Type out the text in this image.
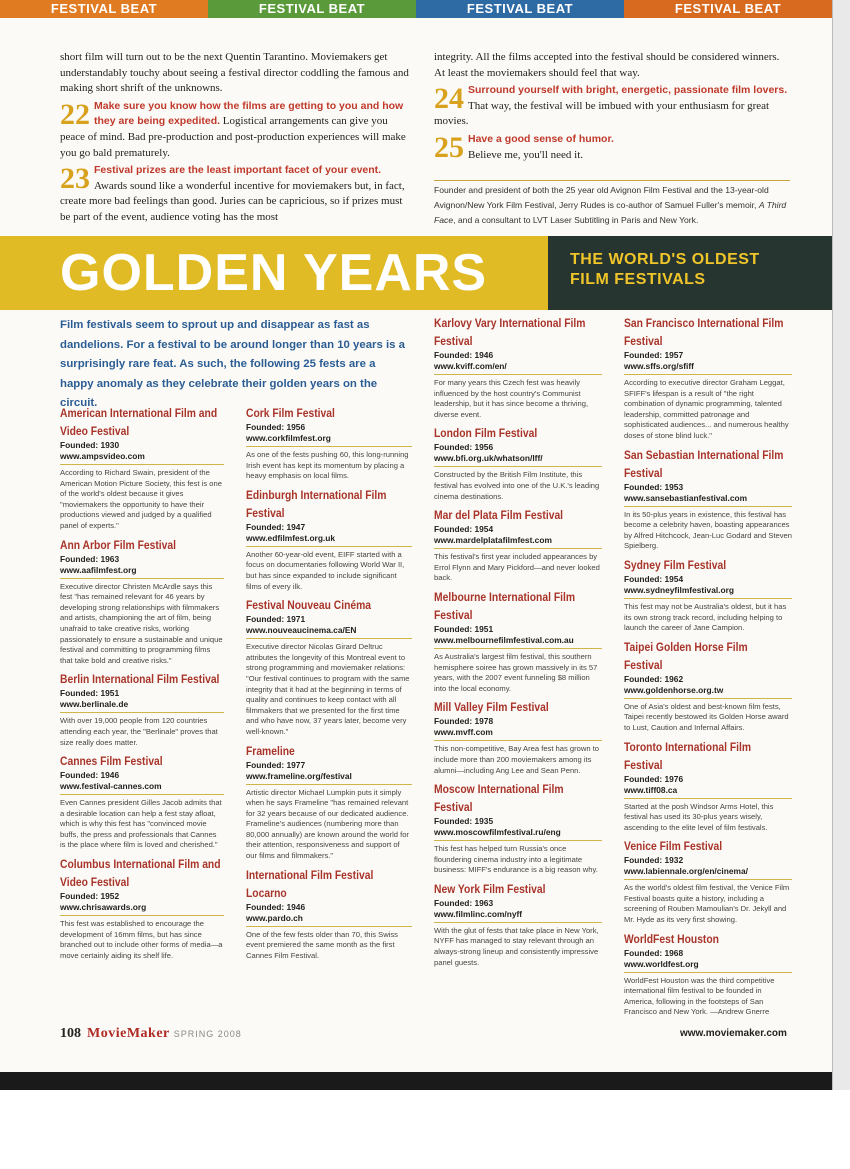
FESTIVAL BEAT	FESTIVAL BEAT	FESTIVAL BEAT	FESTIVAL BEAT

short film will turn out to be the next Quentin Tarantino. Moviemakers get understandably touchy about seeing a festival director coddling the famous and making short shrift of the unknowns.

22 Make sure you know how the films are getting to you and how they are being expedited. Logistical arrangements can give you peace of mind. Bad pre-production and post-production experiences will make you go bald prematurely.
23 Festival prizes are the least important facet of your event. Awards sound like a wonderful incentive for moviemakers but, in fact, create more bad feelings than good. Juries can be capricious, so if prizes must be part of the event, audience voting has the most

integrity. All the films accepted into the festival should be considered winners. At least the moviemakers should feel that way.

24 Surround yourself with bright, energetic, passionate film lovers. That way, the festival will be imbued with your enthusiasm for great movies.
25 Have a good sense of humor.
Believe me, you'll need it.
Founder and president of both the 25 year old Avignon Film Festival and the 13-year-old Avignon/New York Film Festival, Jerry Rudes is co-author of Samuel Fuller's memoir, A Third Face, and a consultant to LVT Laser Subtitling in Paris and New York.
GOLDEN YEARS	THE WORLD'S OLDEST
FILM FESTIVALS
Film festivals seem to sprout up and disappear as fast as dandelions. For a festival to be around longer than 10 years is a surprisingly rare feat. As such, the following 25 fests are a happy anomaly as they celebrate their golden years on the circuit.
American International Film and Video Festival
Founded: 1930
www.ampsvideo.com
According to Richard Swain, president of the American Motion Picture Society, this fest is one of the world's oldest because it gives "moviemakers the opportunity to have their productions viewed and judged by a qualified panel of experts."
Ann Arbor Film Festival
Founded: 1963
www.aafilmfest.org
Executive director Christen McArdle says this fest "has remained relevant for 46 years by developing strong relationships with filmmakers and artists, championing the art of film, being unafraid to take creative risks, working passionately to ensure a sustainable and unique festival and committing to programming films that take bold and creative risks."
Berlin International Film Festival
Founded: 1951
www.berlinale.de
With over 19,000 people from 120 countries attending each year, the "Berlinale" proves that size really does matter.
Cannes Film Festival
Founded: 1946
www.festival-cannes.com
Even Cannes president Gilles Jacob admits that a desirable location can help a fest stay afloat, which is why this fest has "convinced movie buffs, the press and professionals that Cannes is the place where film is loved and cherished."
Columbus International Film and Video Festival
Founded: 1952
www.chrisawards.org
This fest was established to encourage the development of 16mm films, but has since branched out to include other forms of media—a move certainly aiding its shelf life.
Cork Film Festival
Founded: 1956
www.corkfilmfest.org
As one of the fests pushing 60, this long-running Irish event has kept its momentum by placing a heavy emphasis on local films.
Edinburgh International Film Festival
Founded: 1947
www.edfilmfest.org.uk
Another 60-year-old event, EIFF started with a focus on documentaries following World War II, but has since expanded to include significant films of every ilk.
Festival Nouveau Cinéma
Founded: 1971
www.nouveaucinema.ca/EN
Executive director Nicolas Girard Deltruc attributes the longevity of this Montreal event to strong programming and moviemaker relations: "Our festival continues to program with the same integrity that it had at the beginning in terms of quality and continues to keep contact with all filmmakers that we presented for the first time and who have now, 37 years later, become very well-known."
Frameline
Founded: 1977
www.frameline.org/festival
Artistic director Michael Lumpkin puts it simply when he says Frameline "has remained relevant for 32 years because of our dedicated audience. Frameline's audiences (numbering more than 80,000 annually) are known around the world for their attention, responsiveness and support of our films and filmmakers."
International Film Festival Locarno
Founded: 1946
www.pardo.ch
One of the few fests older than 70, this Swiss event premiered the same month as the first Cannes Film Festival.
Karlovy Vary International Film Festival
Founded: 1946
www.kviff.com/en/
For many years this Czech fest was heavily influenced by the host country's Communist leadership, but it has since become a thriving, diverse event.
London Film Festival
Founded: 1956
www.bfi.org.uk/whatson/lff/
Constructed by the British Film Institute, this festival has evolved into one of the U.K.'s leading cinema destinations.
Mar del Plata Film Festival
Founded: 1954
www.mardelplatafilmfest.com
This festival's first year included appearances by Errol Flynn and Mary Pickford—and never looked back.
Melbourne International Film Festival
Founded: 1951
www.melbournefilmfestival.com.au
As Australia's largest film festival, this southern hemisphere soiree has grown massively in its 57 years, with the 2007 event funneling $8 million into the local economy.
Mill Valley Film Festival
Founded: 1978
www.mvff.com
This non-competitive, Bay Area fest has grown to include more than 200 moviemakers among its alumni—including Ang Lee and Sean Penn.
Moscow International Film Festival
Founded: 1935
www.moscowfilmfestival.ru/eng
This fest has helped turn Russia's once floundering cinema industry into a legitimate business: MIFF's endurance is a big reason why.
New York Film Festival
Founded: 1963
www.filmlinc.com/nyff
With the glut of fests that take place in New York, NYFF has managed to stay relevant through an always-strong lineup and consistently impressive panel guests.
San Francisco International Film Festival
Founded: 1957
www.sffs.org/sfiff
According to executive director Graham Leggat, SFIFF's lifespan is a result of "the right combination of dynamic programming, talented leadership, committed patronage and sophisticated audiences... and numerous healthy doses of stone blind luck."
San Sebastian International Film Festival
Founded: 1953
www.sansebastianfestival.com
In its 50-plus years in existence, this festival has become a celebrity haven, boasting appearances by Alfred Hitchcock, Jean-Luc Godard and Steven Spielberg.
Sydney Film Festival
Founded: 1954
www.sydneyfilmfestival.org
This fest may not be Australia's oldest, but it has its own strong track record, including helping to launch the career of Jane Campion.
Taipei Golden Horse Film Festival
Founded: 1962
www.goldenhorse.org.tw
One of Asia's oldest and best-known film fests, Taipei recently bestowed its Golden Horse award to Lust, Caution and Infernal Affairs.
Toronto International Film Festival
Founded: 1976
www.tiff08.ca
Started at the posh Windsor Arms Hotel, this festival has used its 30-plus years wisely, ascending to the elite level of film festivals.
Venice Film Festival
Founded: 1932
www.labiennale.org/en/cinema/
As the world's oldest film festival, the Venice Film Festival boasts quite a history, including a screening of Rouben Mamoulian's Dr. Jekyll and Mr. Hyde as its very first showing.
WorldFest Houston
Founded: 1968
www.worldfest.org
WorldFest Houston was the third competitive international film festival to be founded in America, following in the footsteps of San Francisco and New York. —Andrew Gnerre
108 MovieMaker SPRING 2008	www.moviemaker.com
